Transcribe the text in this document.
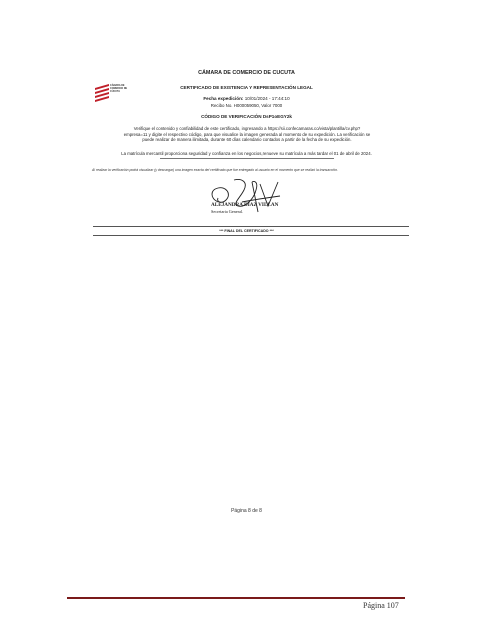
CÁMARA DE COMERCIO DE CÚCUTA
CÁMARA DE COMERCIO DE CUCUTA
CERTIFICADO DE EXISTENCIA Y REPRESENTACIÓN LEGAL
Fecha expedición: 10/01/2024 - 17:44:10
Recibo No. H000059050, Valor 7000
CÓDIGO DE VERIFICACIÓN DsP1oEGY2k
Verifique el contenido y confiabilidad de este certificado, ingresando a https://sii.confecamaras.co/vista/plantilla/cv.php?empresa=11 y digite el respectivo código, para que visualice la imagen generada al momento de su expedición. La verificación se puede realizar de manera ilimitada, durante 60 días calendario contados a partir de la fecha de su expedición.
La matrícula mercantil proporciona seguridad y confianza en los negocios,renueve su matrícula a más tardar el 01 de abril de 2024.
Al realizar la verificación podrá visualizar (y descargar) una imagen exacta del certificado que fue entregado al usuario en el momento que se realizó la transacción.
ALEJANDRA DÍAZ VILLAN
Secretaria General.
*** FINAL DEL CERTIFICADO ***
Página 8 de 8
Página 107
